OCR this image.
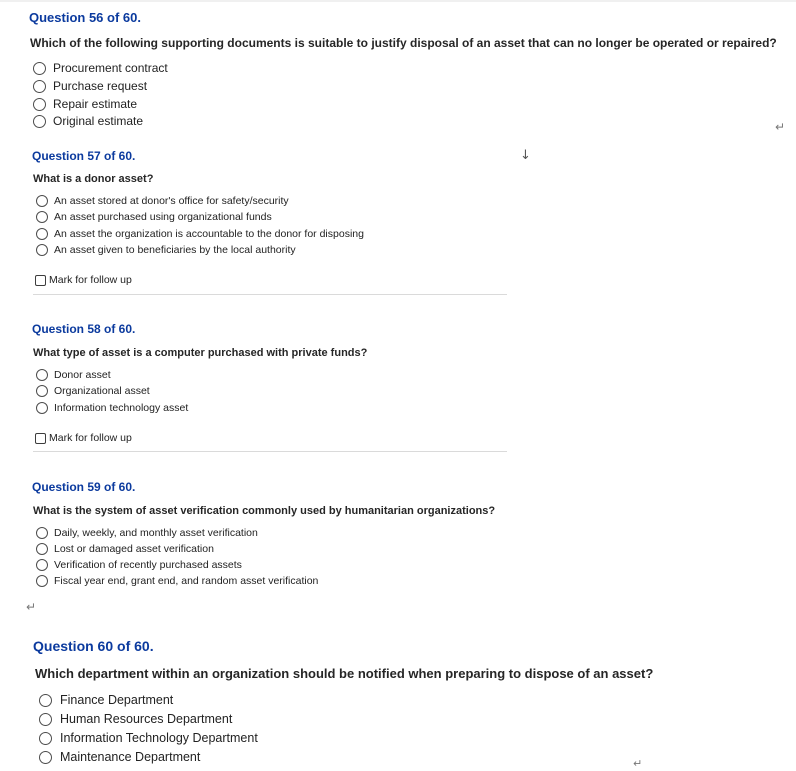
Question 56 of 60.
Which of the following supporting documents is suitable to justify disposal of an asset that can no longer be operated or repaired?
Procurement contract
Purchase request
Repair estimate
Original estimate	↵
↓
Question 57 of 60.
What is a donor asset?
An asset stored at donor's office for safety/security
An asset purchased using organizational funds
An asset the organization is accountable to the donor for disposing
An asset given to beneficiaries by the local authority
Mark for follow up
Question 58 of 60.
What type of asset is a computer purchased with private funds?
Donor asset
Organizational asset
Information technology asset
Mark for follow up
Question 59 of 60.
What is the system of asset verification commonly used by humanitarian organizations?
Daily, weekly, and monthly asset verification
Lost or damaged asset verification
Verification of recently purchased assets
Fiscal year end, grant end, and random asset verification
↵
Question 60 of 60.
Which department within an organization should be notified when preparing to dispose of an asset?
Finance Department
Human Resources Department
Information Technology Department
Maintenance Department	↵
